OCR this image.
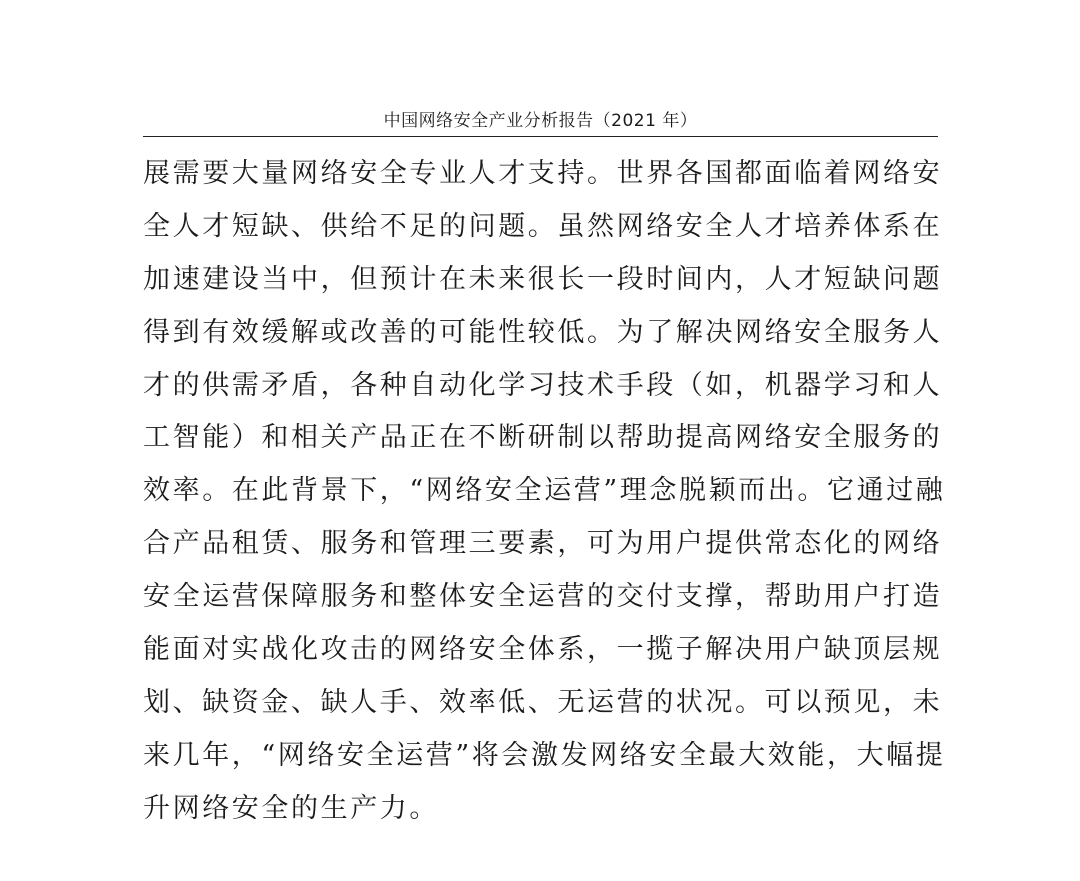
中国网络安全产业分析报告（2021 年）
展需要大量网络安全专业人才支持。世界各国都面临着网络安
全人才短缺、供给不足的问题。虽然网络安全人才培养体系在
加速建设当中，但预计在未来很长一段时间内，人才短缺问题
得到有效缓解或改善的可能性较低。为了解决网络安全服务人
才的供需矛盾，各种自动化学习技术手段（如，机器学习和人
工智能）和相关产品正在不断研制以帮助提高网络安全服务的
效率。在此背景下，“网络安全运营”理念脱颖而出。它通过融
合产品租赁、服务和管理三要素，可为用户提供常态化的网络
安全运营保障服务和整体安全运营的交付支撑，帮助用户打造
能面对实战化攻击的网络安全体系，一揽子解决用户缺顶层规
划、缺资金、缺人手、效率低、无运营的状况。可以预见，未
来几年，“网络安全运营”将会激发网络安全最大效能，大幅提
升网络安全的生产力。
